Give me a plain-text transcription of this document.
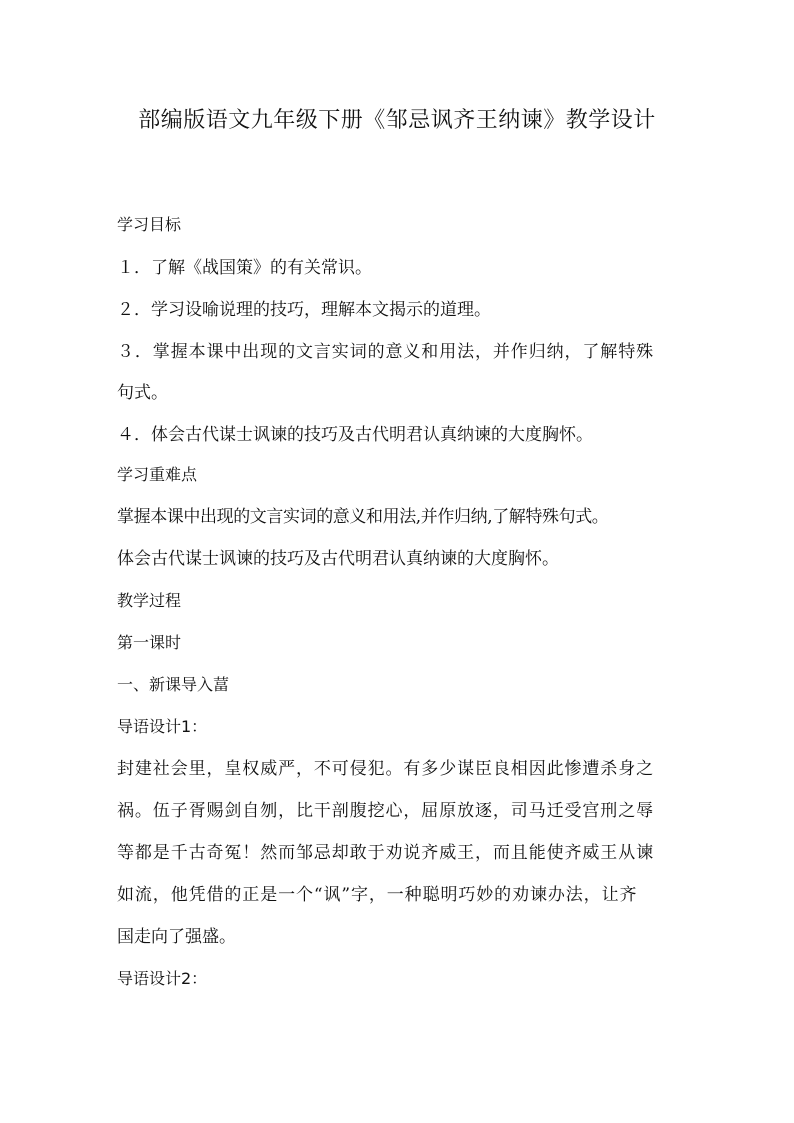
部编版语文九年级下册《邹忌讽齐王纳谏》教学设计
学习目标
１．了解《战国策》的有关常识。
２．学习设喻说理的技巧，理解本文揭示的道理。
３．掌握本课中出现的文言实词的意义和用法，并作归纳，了解特殊
句式。
４．体会古代谋士讽谏的技巧及古代明君认真纳谏的大度胸怀。
学习重难点
掌握本课中出现的文言实词的意义和用法,并作归纳,了解特殊句式。
体会古代谋士讽谏的技巧及古代明君认真纳谏的大度胸怀。
教学过程
第一课时
一、新课导入葍
导语设计1：
封建社会里，皇权威严，不可侵犯。有多少谋臣良相因此惨遭杀身之
祸。伍子胥赐剑自刎，比干剖腹挖心，屈原放逐，司马迁受宫刑之辱
等都是千古奇冤！然而邹忌却敢于劝说齐威王，而且能使齐威王从谏
如流，他凭借的正是一个“讽”字，一种聪明巧妙的劝谏办法，让齐
国走向了强盛。
导语设计2：
